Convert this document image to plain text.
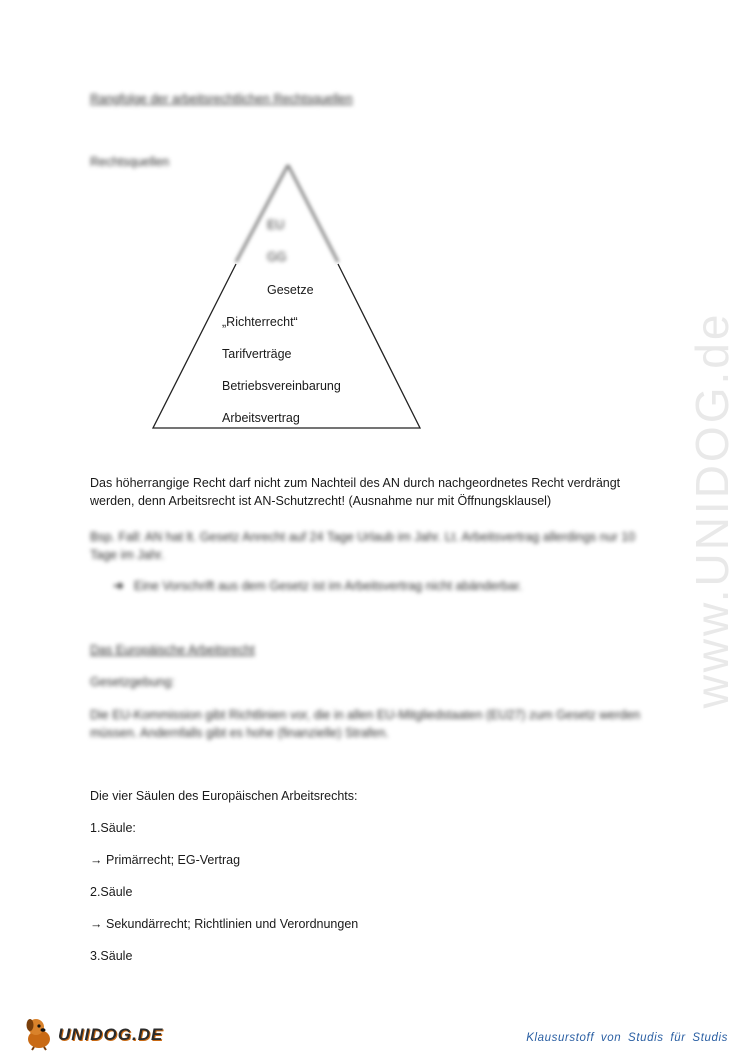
Rangfolge der arbeitsrechtlichen Rechtsquellen
Rechtsquellen
EU
GG
Gesetze
„Richterrecht“
Tarifverträge
Betriebsvereinbarung
Arbeitsvertrag
Das höherrangige Recht darf nicht zum Nachteil des AN durch nachgeordnetes Recht verdrängt
werden, denn Arbeitsrecht ist AN-Schutzrecht! (Ausnahme nur mit Öffnungsklausel)
Bsp. Fall: AN hat lt. Gesetz Anrecht auf 24 Tage Urlaub im Jahr. Lt. Arbeitsvertrag allerdings nur 10
Tage im Jahr.
➜ Eine Vorschrift aus dem Gesetz ist im Arbeitsvertrag nicht abänderbar.
Das Europäische Arbeitsrecht
Gesetzgebung:
Die EU-Kommission gibt Richtlinien vor, die in allen EU-Mitgliedstaaten (EU27) zum Gesetz werden
müssen. Andernfalls gibt es hohe (finanzielle) Strafen.
Die vier Säulen des Europäischen Arbeitsrechts:
1.Säule:
→ Primärrecht; EG-Vertrag
2.Säule
→ Sekundärrecht; Richtlinien und Verordnungen
3.Säule
www.UNIDOG.de
UNIDOG.DE	Klausurstoff von Studis für Studis
